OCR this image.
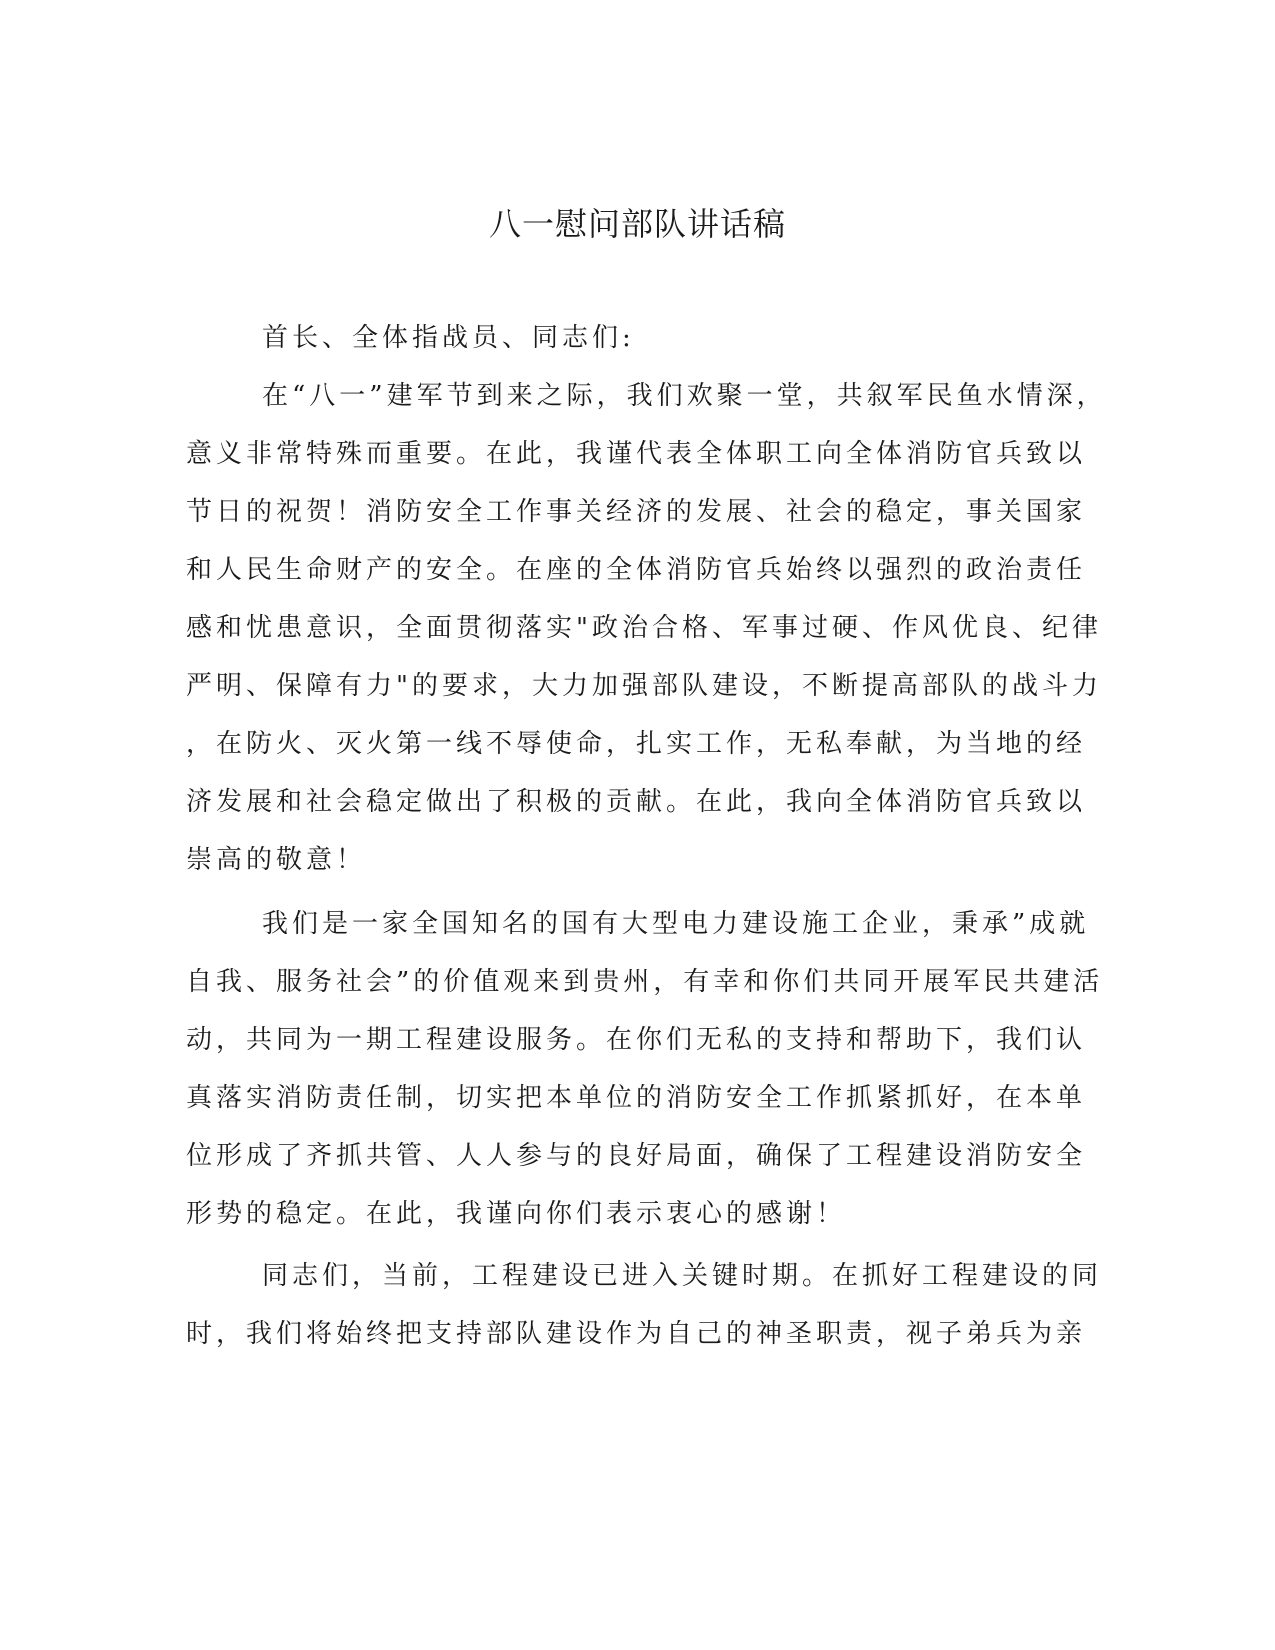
八一慰问部队讲话稿
首长、全体指战员、同志们:
在“八一”建军节到来之际，我们欢聚一堂，共叙军民鱼水情深，
意义非常特殊而重要。在此，我谨代表全体职工向全体消防官兵致以
节日的祝贺！消防安全工作事关经济的发展、社会的稳定，事关国家
和人民生命财产的安全。在座的全体消防官兵始终以强烈的政治责任
感和忧患意识，全面贯彻落实"政治合格、军事过硬、作风优良、纪律
严明、保障有力"的要求，大力加强部队建设，不断提高部队的战斗力
，在防火、灭火第一线不辱使命，扎实工作，无私奉献，为当地的经
济发展和社会稳定做出了积极的贡献。在此，我向全体消防官兵致以
崇高的敬意！
我们是一家全国知名的国有大型电力建设施工企业，秉承”成就
自我、服务社会”的价值观来到贵州，有幸和你们共同开展军民共建活
动，共同为一期工程建设服务。在你们无私的支持和帮助下，我们认
真落实消防责任制，切实把本单位的消防安全工作抓紧抓好，在本单
位形成了齐抓共管、人人参与的良好局面，确保了工程建设消防安全
形势的稳定。在此，我谨向你们表示衷心的感谢！
同志们，当前，工程建设已进入关键时期。在抓好工程建设的同
时，我们将始终把支持部队建设作为自己的神圣职责，视子弟兵为亲
